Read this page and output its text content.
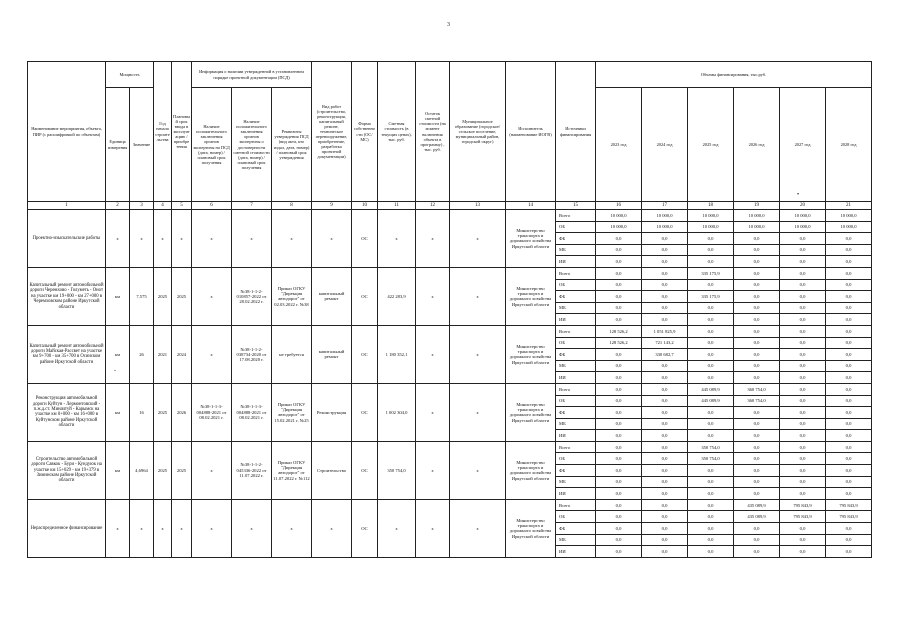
3
•
-
Наименование мероприятия, объекта, ПИР (с расшифровкой по объектам)	Мощность		Год начала строительства	Плановый срок ввода в эксплуатацию / приобретения	Информация о наличии утвержденной в установленном порядке проектной документации (ПСД)			Вид работ (строительство, реконструкция, капитальный ремонт, техническое перевооружение, приобретение, разработка проектной документации)	Форма собственности (ОС/МС)	Сметная стоимость (в текущих ценах), тыс. руб.	Остаток сметной стоимости (на момент включения объекта в программу) , тыс. руб.	Муниципальное образование (городское/сельское поселение, муниципальный район, городской округ)	Исполнитель (наименование ИОГВ)	Источники финансирования	Объемы финансирования, тыс.руб.					
	Единица измерения	Значение			Наличие положительного заключения органов экспертизы на ПСД (дата, номер) / плановый срок получения	Наличие положительного заключения органов экспертизы о достоверности сметной стоимости (дата, номер) / плановый срок получения	Реквизиты утверждения ПСД (вид акта, кто издал, дата, номер) / плановый срок утверждения								2023 год	2024 год	2025 год	2026 год	2027 год	2028 год
1	2	3	4	5	6	7	8	9	10	11	12	13	14	15	16	17	18	19	20	21
Проектно-изыскательские работы	х	х	х	х	х	х	х	х	ОС	х	х	х	Министерство транспорта и дорожного хозяйства Иркутской области	Всего	10 000,0	10 000,0	10 000,0	10 000,0	10 000,0	10 000,0
														ОБ	10 000,0	10 000,0	10 000,0	10 000,0	10 000,0	10 000,0
														ФБ	0,0	0,0	0,0	0,0	0,0	0,0
														МБ	0,0	0,0	0,0	0,0	0,0	0,0
														ИИ	0,0	0,0	0,0	0,0	0,0	0,0
Капитальный ремонт автомобильной дороги Черемхово - Голуметь - Онот на участке км 19+000 - км 27+000 в Черемховском районе Иркутской области	км	7,575	2025	2025	х	№38-1-1-2-010857-2022 от 28.02.2022 г.	Приказ ОГКУ "Дирекция автодорог" от 02.03.2022 г. №38	капитальный ремонт	ОС	422 283,9	х	х	Министерство транспорта и дорожного хозяйства Иркутской области	Всего	0,0	0,0	335 175,9	0,0	0,0	0,0
														ОБ	0,0	0,0	0,0	0,0	0,0	0,0
														ФБ	0,0	0,0	335 175,9	0,0	0,0	0,0
														МБ	0,0	0,0	0,0	0,0	0,0	0,0
														ИИ	0,0	0,0	0,0	0,0	0,0	0,0
Капитальный ремонт автомобильной дороги Майская-Рассвет на участке км 9+700 - км 35+700 в Осинском районе Иркутской области	км	26	2021	2024	х	№38-1-1-2-038734-2020 от 17.08.2020 г.	не требуется	капитальный ремонт	ОС	1 180 352,1	х	х	Министерство транспорта и дорожного хозяйства Иркутской области	Всего	128 526,2	1 051 825,9	0,0	0,0	0,0	0,0
														ОБ	128 526,2	721 143,2	0,0	0,0	0,0	0,0
														ФБ	0,0	330 682,7	0,0	0,0	0,0	0,0
														МБ	0,0	0,0	0,0	0,0	0,0	0,0
														ИИ	0,0	0,0	0,0	0,0	0,0	0,0
Реконструкция автомобильной дороги Куйтун - Лермонтовский - п.ж.д.ст. Миначтуй - Карымск на участке км 0+000 - км 16+000 в Куйтунском районе Иркутской области	км	16	2025	2026	№38-1-1-3-004888-2021 от 08.02.2021 г.	№38-1-1-3-004888-2021 от 08.02.2021 г.	Приказ ОГКУ "Дирекция автодорог" от 15.02.2021 г. №25	Реконструкция	ОС	1 002 304,0	х	х	Министерство транспорта и дорожного хозяйства Иркутской области	Всего	0,0	0,0	445 089,9	360 754,0	0,0	0,0
														ОБ	0,0	0,0	445 089,9	360 754,0	0,0	0,0
														ФБ	0,0	0,0	0,0	0,0	0,0	0,0
														МБ	0,0	0,0	0,0	0,0	0,0	0,0
														ИИ	0,0	0,0	0,0	0,0	0,0	0,0
Строительство автомобильной дороги Савкок - Бури - Кундуюк на участке км 15+029 - км 19+379 в Зиминском районе Иркутской области	км	4,6964	2025	2025	х	№38-1-1-2-045336-2022 от 11.07.2022 г.	Приказ ОГКУ "Дирекция автодорог" от 11.07.2022 г. №112	Строительство	ОС	350 754,0	х	х	Министерство транспорта и дорожного хозяйства Иркутской области	Всего	0,0	0,0	350 754,0	0,0	0,0	0,0
														ОБ	0,0	0,0	350 754,0	0,0	0,0	0,0
														ФБ	0,0	0,0	0,0	0,0	0,0	0,0
														МБ	0,0	0,0	0,0	0,0	0,0	0,0
														ИИ	0,0	0,0	0,0	0,0	0,0	0,0
Нераспределенное финансирование	х	х	х	х	х	х	х	х	ОС	х	х	х	Министерство транспорта и дорожного хозяйства Иркутской области	Всего	0,0	0,0	0,0	435 089,9	795 843,9	795 843,9
														ОБ	0,0	0,0	0,0	435 089,9	795 843,9	795 843,9
														ФБ	0,0	0,0	0,0	0,0	0,0	0,0
														МБ	0,0	0,0	0,0	0,0	0,0	0,0
														ИИ	0,0	0,0	0,0	0,0	0,0	0,0
